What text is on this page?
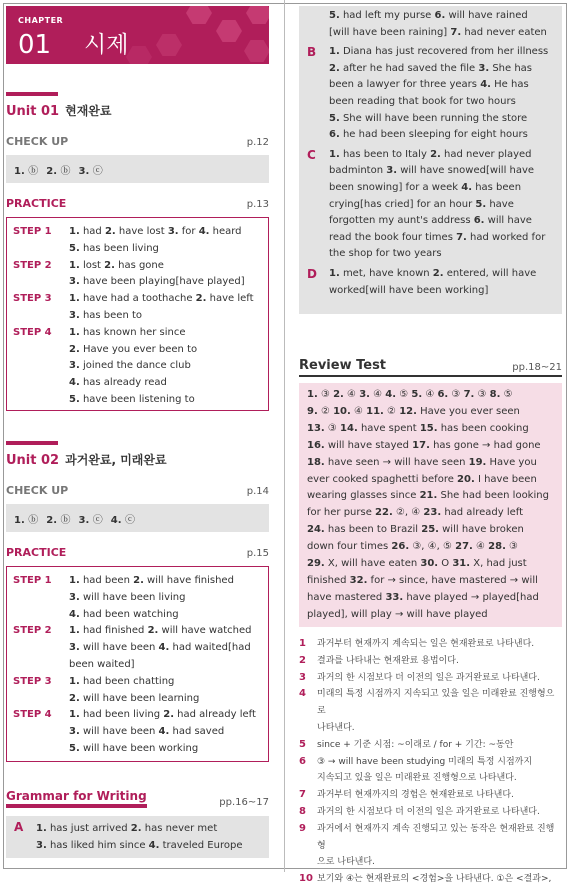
CHAPTER
01 시제
Unit 01 현재완료
CHECK UP	p.12
1. ⓑ 2. ⓑ 3. ⓒ
PRACTICE	p.13
STEP 1	1. had 2. have lost 3. for 4. heard
5. has been living
STEP 2	1. lost 2. has gone
3. have been playing[have played]
STEP 3	1. have had a toothache 2. have left
3. has been to
STEP 4	1. has known her since
2. Have you ever been to
3. joined the dance club
4. has already read
5. have been listening to
Unit 02 과거완료, 미래완료
CHECK UP	p.14
1. ⓑ 2. ⓑ 3. ⓒ 4. ⓒ
PRACTICE	p.15
STEP 1	1. had been 2. will have finished
3. will have been living
4. had been watching
STEP 2	1. had finished 2. will have watched
3. will have been 4. had waited[had
been waited]
STEP 3	1. had been chatting
2. will have been learning
STEP 4	1. had been living 2. had already left
3. will have been 4. had saved
5. will have been working
Grammar for Writing	pp.16~17
A	1. has just arrived 2. has never met
3. has liked him since 4. traveled Europe
5. had left my purse 6. will have rained
[will have been raining] 7. had never eaten
B	1. Diana has just recovered from her illness
2. after he had saved the file 3. She has
been a lawyer for three years 4. He has
been reading that book for two hours
5. She will have been running the store
6. he had been sleeping for eight hours
C	1. has been to Italy 2. had never played
badminton 3. will have snowed[will have
been snowing] for a week 4. has been
crying[has cried] for an hour 5. have
forgotten my aunt's address 6. will have
read the book four times 7. had worked for
the shop for two years
D	1. met, have known 2. entered, will have
worked[will have been working]
Review Test	pp.18~21
1. ③ 2. ④ 3. ④ 4. ⑤ 5. ④ 6. ③ 7. ③ 8. ⑤
9. ② 10. ④ 11. ② 12. Have you ever seen
13. ③ 14. have spent 15. has been cooking
16. will have stayed 17. has gone → had gone
18. have seen → will have seen 19. Have you
ever cooked spaghetti before 20. I have been
wearing glasses since 21. She had been looking
for her purse 22. ②, ④ 23. had already left
24. has been to Brazil 25. will have broken
down four times 26. ③, ④, ⑤ 27. ④ 28. ③
29. X, will have eaten 30. O 31. X, had just
finished 32. for → since, have mastered → will
have mastered 33. have played → played[had
played], will play → will have played
1	과거부터 현재까지 계속되는 일은 현재완료로 나타낸다.
2	결과를 나타내는 현재완료 용법이다.
3	과거의 한 시점보다 더 이전의 일은 과거완료로 나타낸다.
4	미래의 특정 시점까지 지속되고 있을 일은 미래완료 진행형으로
나타낸다.
5	since + 기준 시점: ~이래로 / for + 기간: ~동안
6	③ → will have been studying 미래의 특정 시점까지
지속되고 있을 일은 미래완료 진행형으로 나타낸다.
7	과거부터 현재까지의 경험은 현재완료로 나타낸다.
8	과거의 한 시점보다 더 이전의 일은 과거완료로 나타낸다.
9	과거에서 현재까지 계속 진행되고 있는 동작은 현재완료 진행형
으로 나타낸다.
10 보기와 ④는 현재완료의 <경험>을 나타낸다. ①은 <결과>,
